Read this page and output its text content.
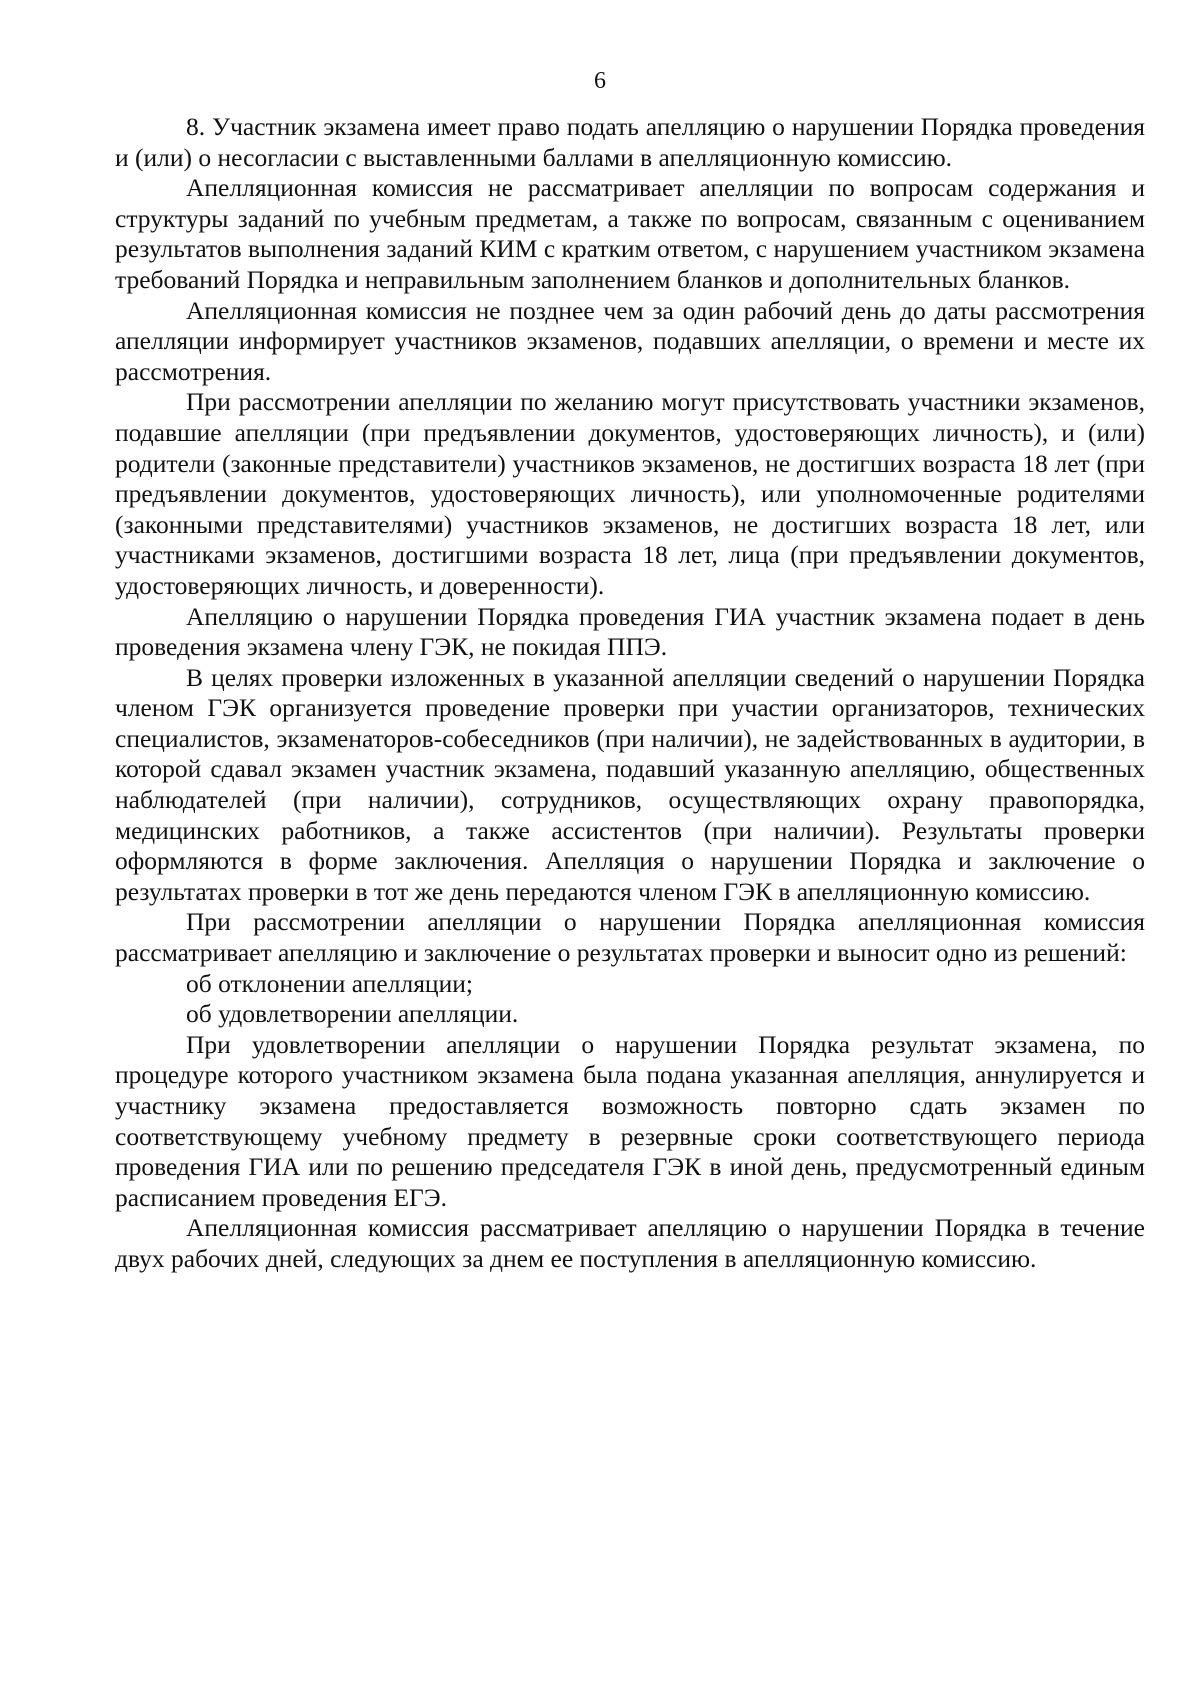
6

8. Участник экзамена имеет право подать апелляцию о нарушении Порядка проведения и (или) о несогласии с выставленными баллами в апелляционную комиссию.

Апелляционная комиссия не рассматривает апелляции по вопросам содержания и структуры заданий по учебным предметам, а также по вопросам, связанным с оцениванием результатов выполнения заданий КИМ с кратким ответом, с нарушением участником экзамена требований Порядка и неправильным заполнением бланков и дополнительных бланков.

Апелляционная комиссия не позднее чем за один рабочий день до даты рассмотрения апелляции информирует участников экзаменов, подавших апелляции, о времени и месте их рассмотрения.

При рассмотрении апелляции по желанию могут присутствовать участники экзаменов, подавшие апелляции (при предъявлении документов, удостоверяющих личность), и (или) родители (законные представители) участников экзаменов, не достигших возраста 18 лет (при предъявлении документов, удостоверяющих личность), или уполномоченные родителями (законными представителями) участников экзаменов, не достигших возраста 18 лет, или участниками экзаменов, достигшими возраста 18 лет, лица (при предъявлении документов, удостоверяющих личность, и доверенности).

Апелляцию о нарушении Порядка проведения ГИА участник экзамена подает в день проведения экзамена члену ГЭК, не покидая ППЭ.

В целях проверки изложенных в указанной апелляции сведений о нарушении Порядка членом ГЭК организуется проведение проверки при участии организаторов, технических специалистов, экзаменаторов-собеседников (при наличии), не задействованных в аудитории, в которой сдавал экзамен участник экзамена, подавший указанную апелляцию, общественных наблюдателей (при наличии), сотрудников, осуществляющих охрану правопорядка, медицинских работников, а также ассистентов (при наличии). Результаты проверки оформляются в форме заключения. Апелляция о нарушении Порядка и заключение о результатах проверки в тот же день передаются членом ГЭК в апелляционную комиссию.

При рассмотрении апелляции о нарушении Порядка апелляционная комиссия рассматривает апелляцию и заключение о результатах проверки и выносит одно из решений:

об отклонении апелляции;

об удовлетворении апелляции.

При удовлетворении апелляции о нарушении Порядка результат экзамена, по процедуре которого участником экзамена была подана указанная апелляция, аннулируется и участнику экзамена предоставляется возможность повторно сдать экзамен по соответствующему учебному предмету в резервные сроки соответствующего периода проведения ГИА или по решению председателя ГЭК в иной день, предусмотренный единым расписанием проведения ЕГЭ.

Апелляционная комиссия рассматривает апелляцию о нарушении Порядка в течение двух рабочих дней, следующих за днем ее поступления в апелляционную комиссию.
